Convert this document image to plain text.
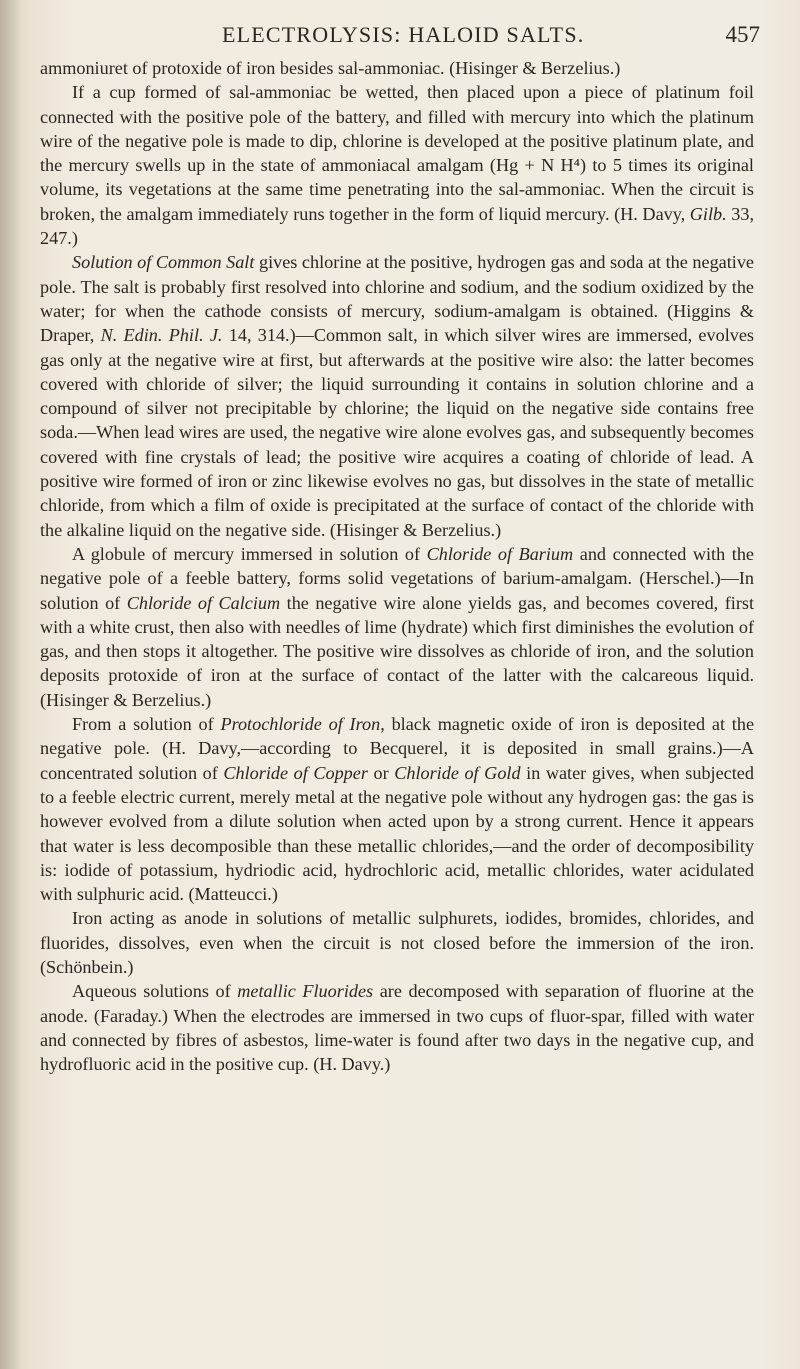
ELECTROLYSIS: HALOID SALTS.	457

ammoniuret of protoxide of iron besides sal-ammoniac. (Hisinger & Berzelius.)

If a cup formed of sal-ammoniac be wetted, then placed upon a piece of platinum foil connected with the positive pole of the battery, and filled with mercury into which the platinum wire of the negative pole is made to dip, chlorine is developed at the positive platinum plate, and the mercury swells up in the state of ammoniacal amalgam (Hg + N H⁴) to 5 times its original volume, its vegetations at the same time penetrating into the sal-ammoniac. When the circuit is broken, the amalgam immediately runs together in the form of liquid mercury. (H. Davy, Gilb. 33, 247.)

Solution of Common Salt gives chlorine at the positive, hydrogen gas and soda at the negative pole. The salt is probably first resolved into chlorine and sodium, and the sodium oxidized by the water; for when the cathode consists of mercury, sodium-amalgam is obtained. (Higgins & Draper, N. Edin. Phil. J. 14, 314.)—Common salt, in which silver wires are immersed, evolves gas only at the negative wire at first, but afterwards at the positive wire also: the latter becomes covered with chloride of silver; the liquid surrounding it contains in solution chlorine and a compound of silver not precipitable by chlorine; the liquid on the negative side contains free soda.—When lead wires are used, the negative wire alone evolves gas, and subsequently becomes covered with fine crystals of lead; the positive wire acquires a coating of chloride of lead. A positive wire formed of iron or zinc likewise evolves no gas, but dissolves in the state of metallic chloride, from which a film of oxide is precipitated at the surface of contact of the chloride with the alkaline liquid on the negative side. (Hisinger & Berzelius.)

A globule of mercury immersed in solution of Chloride of Barium and connected with the negative pole of a feeble battery, forms solid vegetations of barium-amalgam. (Herschel.)—In solution of Chloride of Calcium the negative wire alone yields gas, and becomes covered, first with a white crust, then also with needles of lime (hydrate) which first diminishes the evolution of gas, and then stops it altogether. The positive wire dissolves as chloride of iron, and the solution deposits protoxide of iron at the surface of contact of the latter with the calcareous liquid. (Hisinger & Berzelius.)

From a solution of Protochloride of Iron, black magnetic oxide of iron is deposited at the negative pole. (H. Davy,—according to Becquerel, it is deposited in small grains.)—A concentrated solution of Chloride of Copper or Chloride of Gold in water gives, when subjected to a feeble electric current, merely metal at the negative pole without any hydrogen gas: the gas is however evolved from a dilute solution when acted upon by a strong current. Hence it appears that water is less decomposible than these metallic chlorides,—and the order of decomposibility is: iodide of potassium, hydriodic acid, hydrochloric acid, metallic chlorides, water acidulated with sulphuric acid. (Matteucci.)

Iron acting as anode in solutions of metallic sulphurets, iodides, bromides, chlorides, and fluorides, dissolves, even when the circuit is not closed before the immersion of the iron. (Schönbein.)

Aqueous solutions of metallic Fluorides are decomposed with separation of fluorine at the anode. (Faraday.) When the electrodes are immersed in two cups of fluor-spar, filled with water and connected by fibres of asbestos, lime-water is found after two days in the negative cup, and hydrofluoric acid in the positive cup. (H. Davy.)
